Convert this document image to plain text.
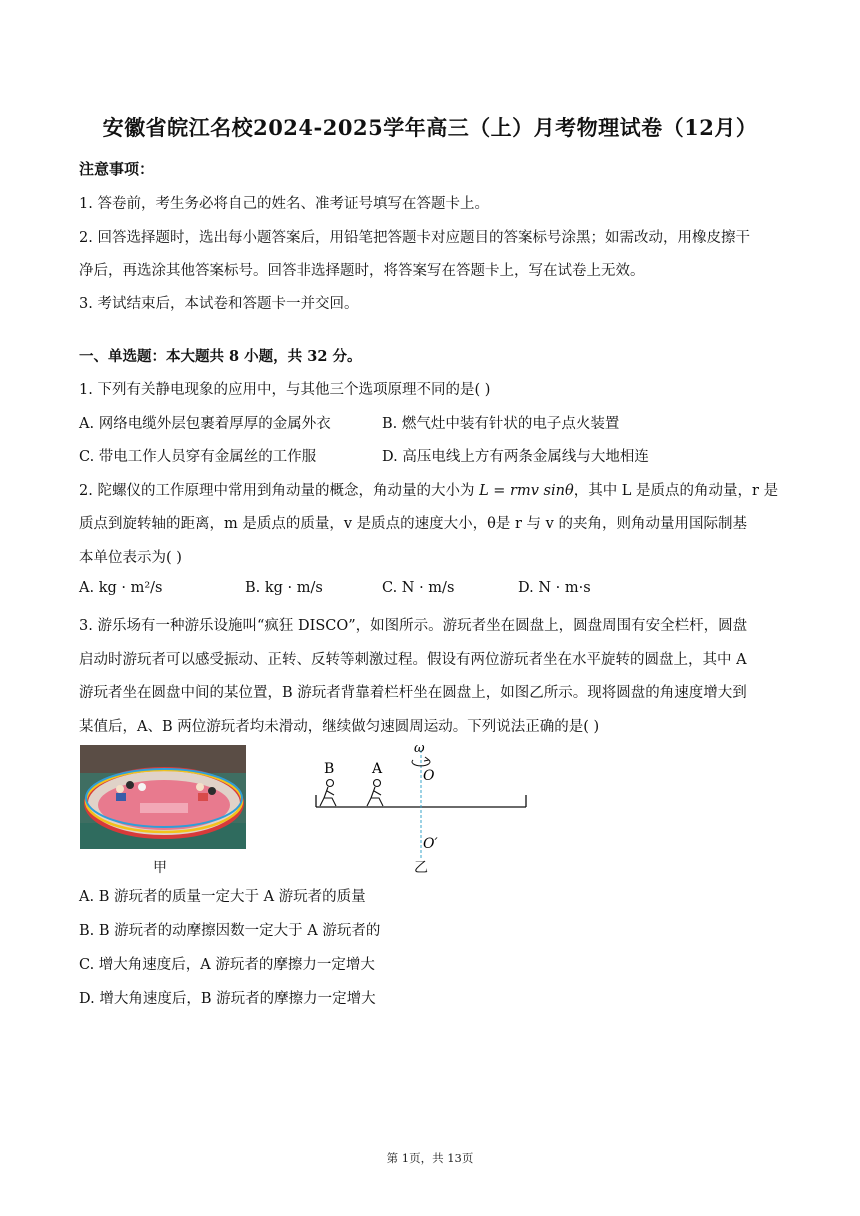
安徽省皖江名校2024-2025学年高三（上）月考物理试卷（12月）
注意事项：
1. 答卷前，考生务必将自己的姓名、准考证号填写在答题卡上。
2. 回答选择题时，选出每小题答案后，用铅笔把答题卡对应题目的答案标号涂黑；如需改动，用橡皮擦干
净后，再选涂其他答案标号。回答非选择题时，将答案写在答题卡上，写在试卷上无效。
3. 考试结束后，本试卷和答题卡一并交回。
一、单选题：本大题共 8 小题，共 32 分。
1. 下列有关静电现象的应用中，与其他三个选项原理不同的是( )
A. 网络电缆外层包裹着厚厚的金属外衣	B. 燃气灶中装有针状的电子点火装置
C. 带电工作人员穿有金属丝的工作服	D. 高压电线上方有两条金属线与大地相连
2. 陀螺仪的工作原理中常用到角动量的概念，角动量的大小为 L = rmv sinθ，其中 L 是质点的角动量，r 是
质点到旋转轴的距离，m 是质点的质量，v 是质点的速度大小，θ是 r 与 v 的夹角，则角动量用国际制基
本单位表示为( )
A. kg · m²/s	B. kg · m/s	C. N · m/s	D. N · m·s
3. 游乐场有一种游乐设施叫“疯狂 DISCO”，如图所示。游玩者坐在圆盘上，圆盘周围有安全栏杆，圆盘
启动时游玩者可以感受振动、正转、反转等刺激过程。假设有两位游玩者坐在水平旋转的圆盘上，其中 A
游玩者坐在圆盘中间的某位置，B 游玩者背靠着栏杆坐在圆盘上，如图乙所示。现将圆盘的角速度增大到
某值后，A、B 两位游玩者均未滑动，继续做匀速圆周运动。下列说法正确的是( )
甲
B	A
ω
O
O′
乙
A. B 游玩者的质量一定大于 A 游玩者的质量
B. B 游玩者的动摩擦因数一定大于 A 游玩者的
C. 增大角速度后，A 游玩者的摩擦力一定增大
D. 增大角速度后，B 游玩者的摩擦力一定增大
第 1页，共 13页
